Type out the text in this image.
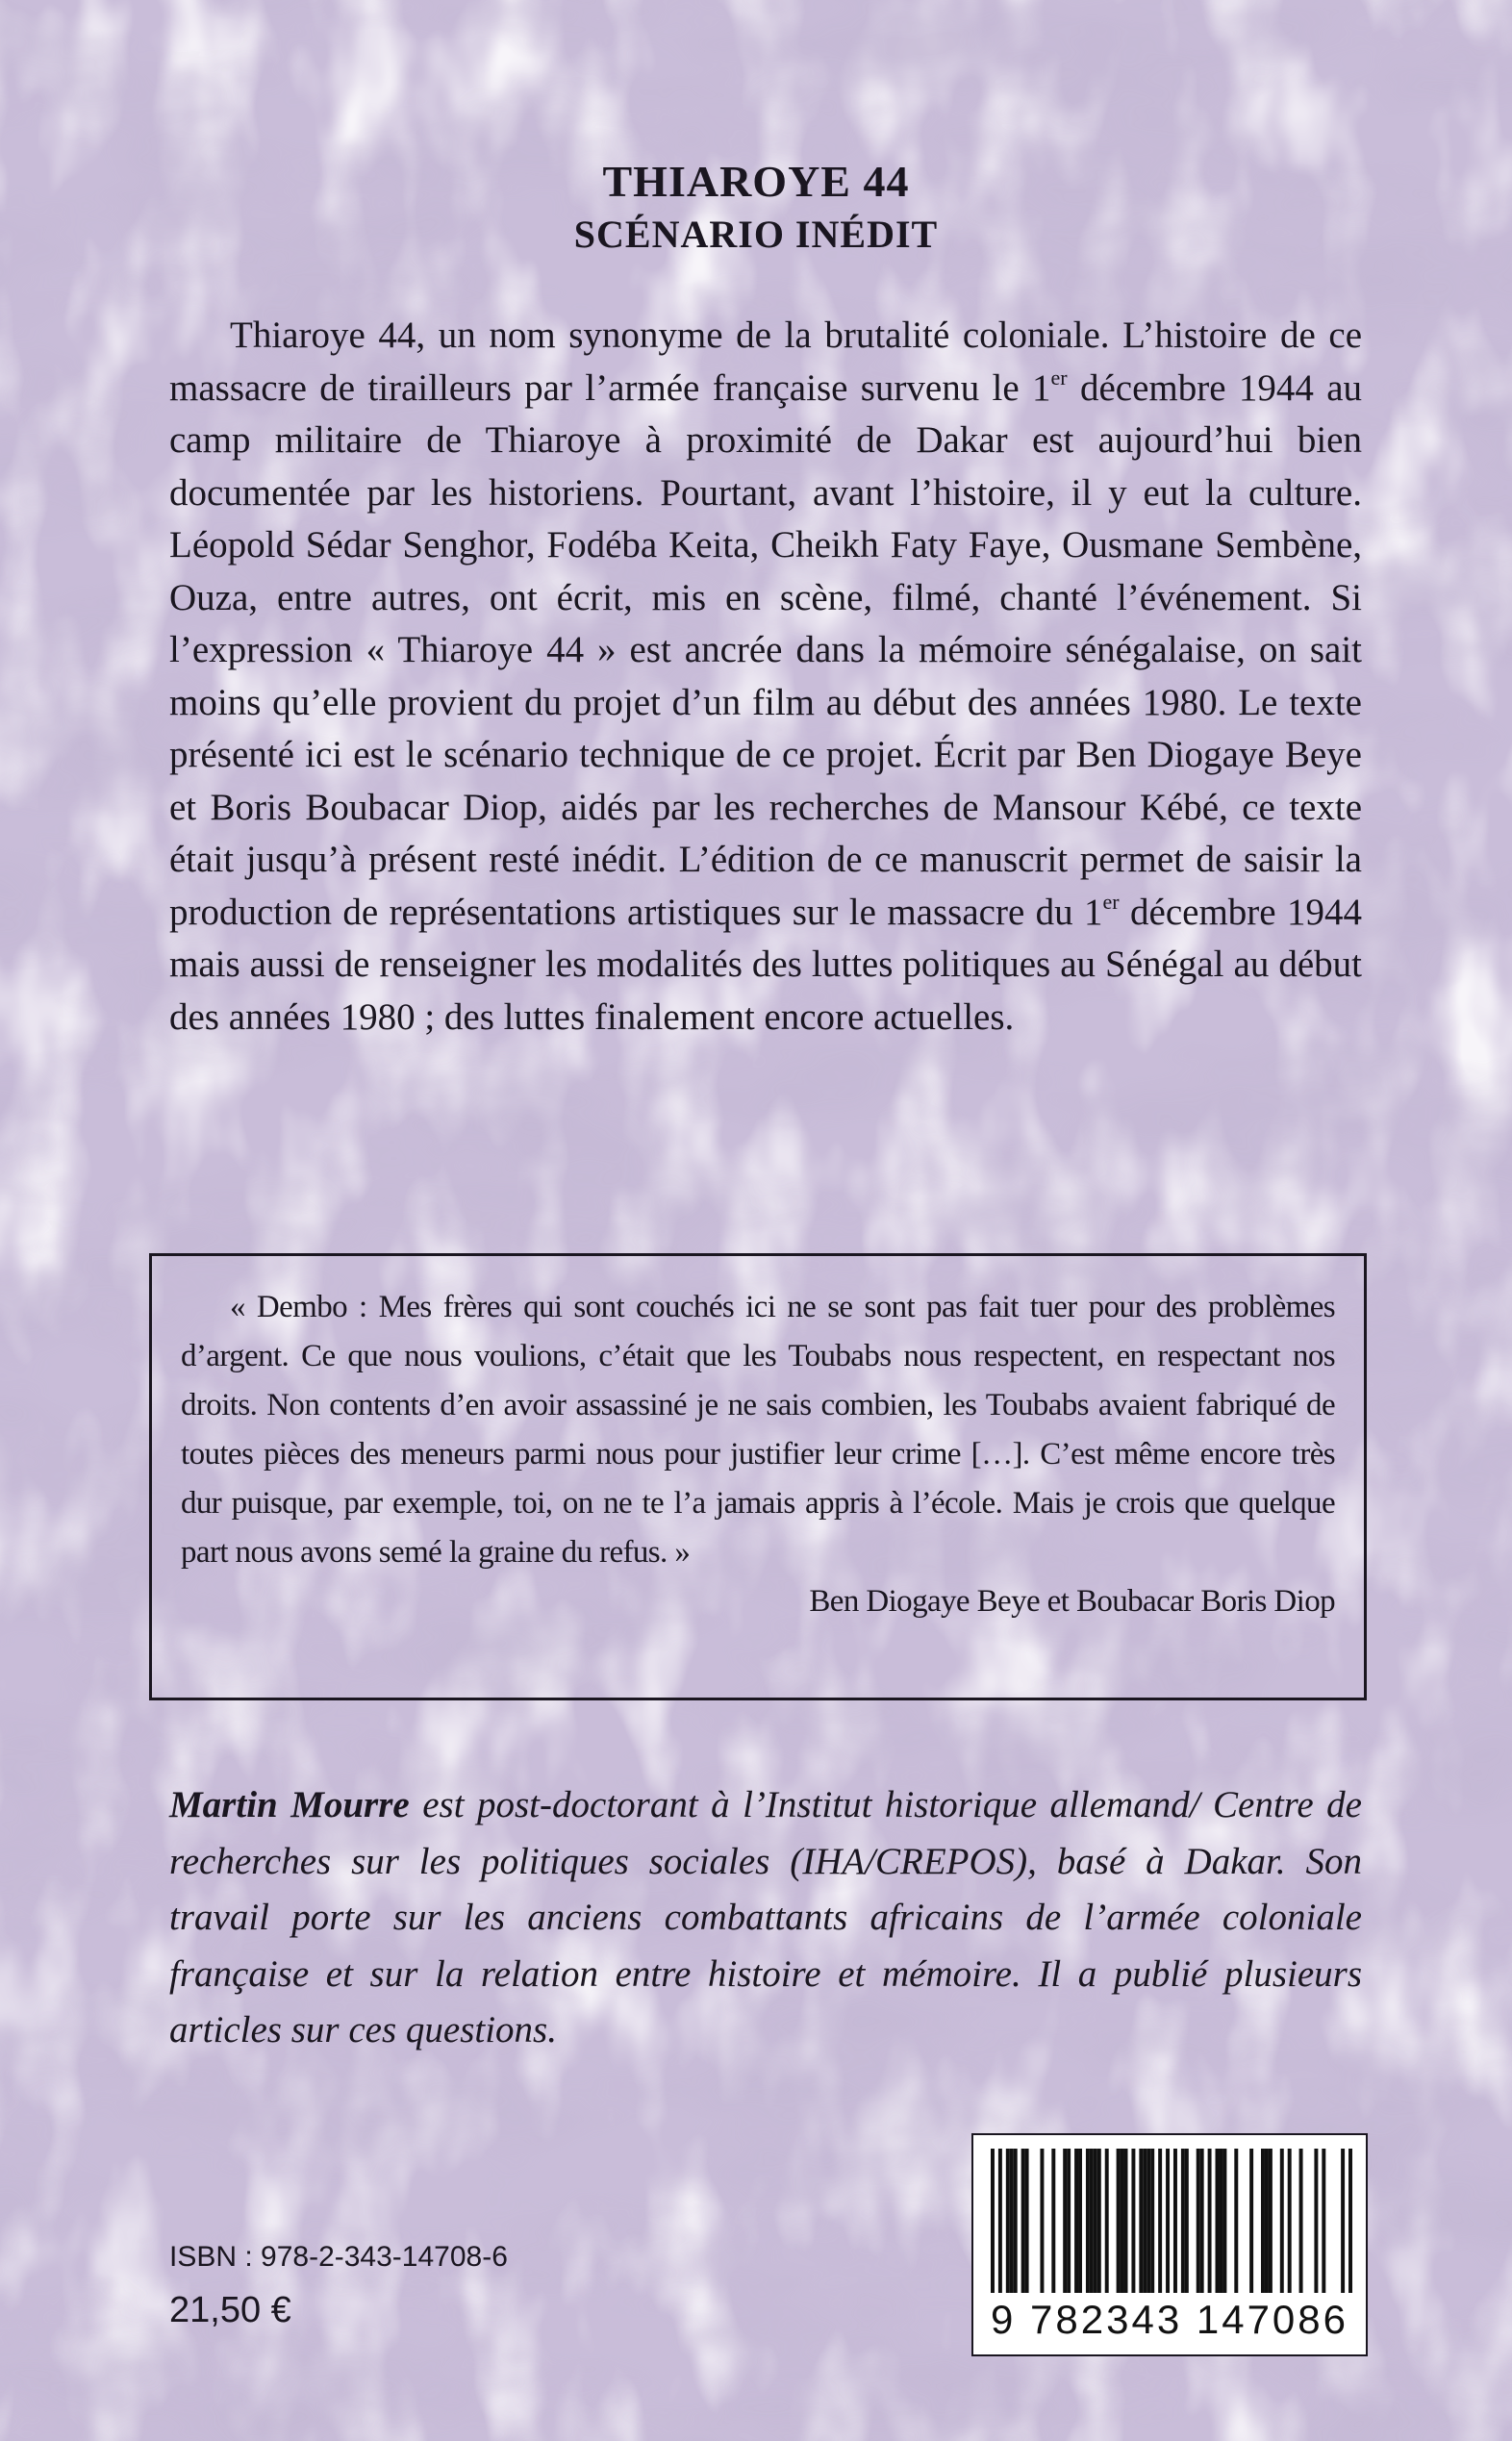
THIAROYE 44

SCÉNARIO INÉDIT

Thiaroye 44, un nom synonyme de la brutalité coloniale. L’histoire de ce massacre de tirailleurs par l’armée française survenu le 1er décembre 1944 au camp militaire de Thiaroye à proximité de Dakar est aujourd’hui bien documentée par les historiens. Pourtant, avant l’histoire, il y eut la culture. Léopold Sédar Senghor, Fodéba Keita, Cheikh Faty Faye, Ousmane Sembène, Ouza, entre autres, ont écrit, mis en scène, filmé, chanté l’événement. Si l’expression « Thiaroye 44 » est ancrée dans la mémoire sénégalaise, on sait moins qu’elle provient du projet d’un film au début des années 1980. Le texte présenté ici est le scénario technique de ce projet. Écrit par Ben Diogaye Beye et Boris Boubacar Diop, aidés par les recherches de Mansour Kébé, ce texte était jusqu’à présent resté inédit. L’édition de ce manuscrit permet de saisir la production de représentations artistiques sur le massacre du 1er décembre 1944 mais aussi de renseigner les modalités des luttes politiques au Sénégal au début des années 1980 ; des luttes finalement encore actuelles.

« Dembo : Mes frères qui sont couchés ici ne se sont pas fait tuer pour des problèmes d’argent. Ce que nous voulions, c’était que les Toubabs nous respectent, en respectant nos droits. Non contents d’en avoir assassiné je ne sais combien, les Toubabs avaient fabriqué de toutes pièces des meneurs parmi nous pour justifier leur crime […]. C’est même encore très dur puisque, par exemple, toi, on ne te l’a jamais appris à l’école. Mais je crois que quelque part nous avons semé la graine du refus. »

Ben Diogaye Beye et Boubacar Boris Diop

Martin Mourre est post-doctorant à l’Institut historique allemand/ Centre de recherches sur les politiques sociales (IHA/CREPOS), basé à Dakar. Son travail porte sur les anciens combattants africains de l’armée coloniale française et sur la relation entre histoire et mémoire. Il a publié plusieurs articles sur ces questions.

ISBN : 978-2-343-14708-6

21,50 €	9 782343 147086
